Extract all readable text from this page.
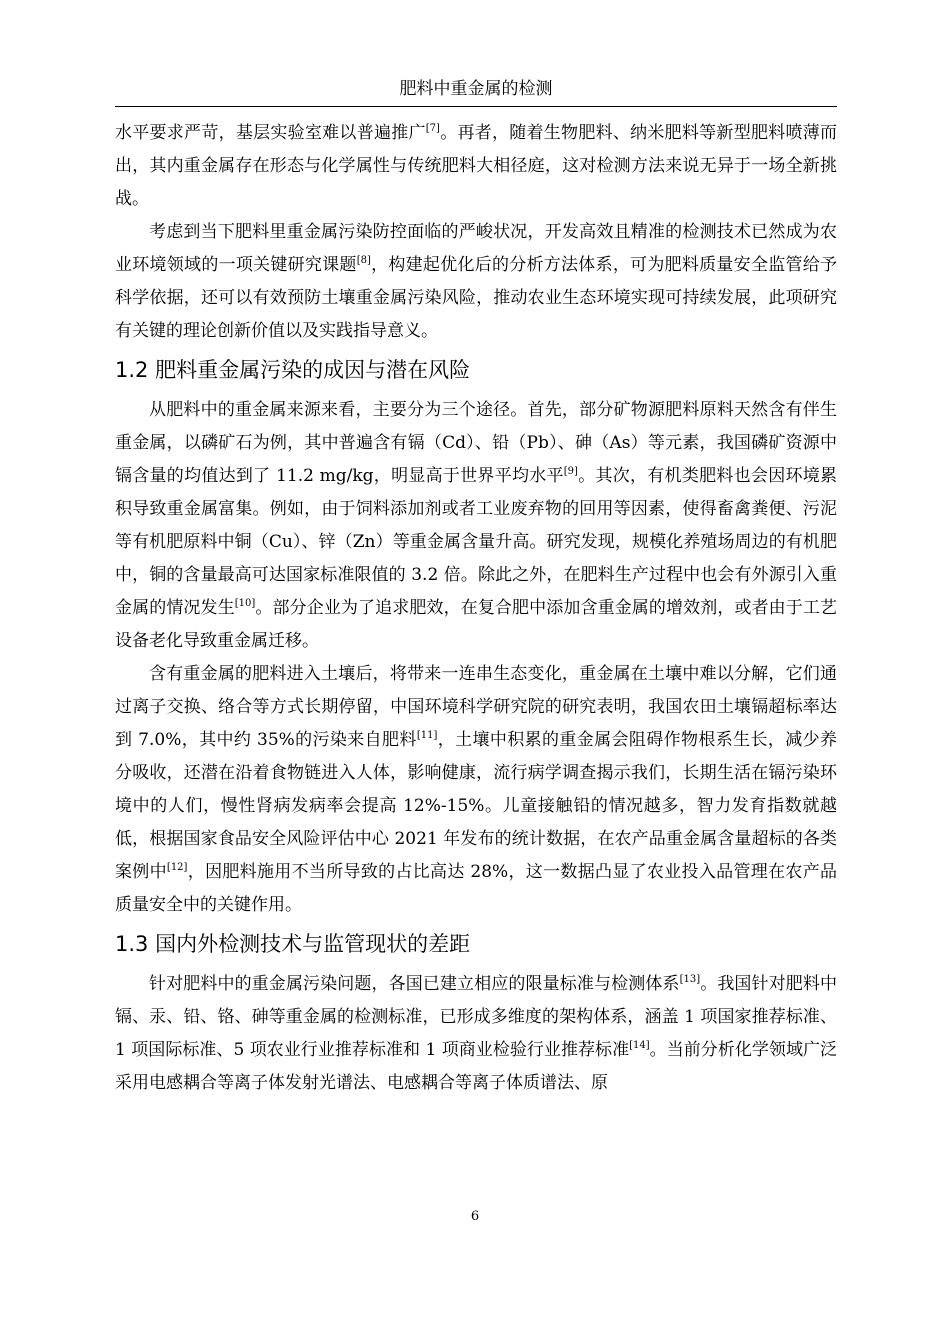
肥料中重金属的检测

水平要求严苛，基层实验室难以普遍推广[7]。再者，随着生物肥料、纳米肥料等新型肥料喷薄而出，其内重金属存在形态与化学属性与传统肥料大相径庭，这对检测方法来说无异于一场全新挑战。

考虑到当下肥料里重金属污染防控面临的严峻状况，开发高效且精准的检测技术已然成为农业环境领域的一项关键研究课题[8]，构建起优化后的分析方法体系，可为肥料质量安全监管给予科学依据，还可以有效预防土壤重金属污染风险，推动农业生态环境实现可持续发展，此项研究有关键的理论创新价值以及实践指导意义。

1.2 肥料重金属污染的成因与潜在风险

从肥料中的重金属来源来看，主要分为三个途径。首先，部分矿物源肥料原料天然含有伴生重金属，以磷矿石为例，其中普遍含有镉（Cd）、铅（Pb）、砷（As）等元素，我国磷矿资源中镉含量的均值达到了 11.2 mg/kg，明显高于世界平均水平[9]。其次，有机类肥料也会因环境累积导致重金属富集。例如，由于饲料添加剂或者工业废弃物的回用等因素，使得畜禽粪便、污泥等有机肥原料中铜（Cu）、锌（Zn）等重金属含量升高。研究发现，规模化养殖场周边的有机肥中，铜的含量最高可达国家标准限值的 3.2 倍。除此之外，在肥料生产过程中也会有外源引入重金属的情况发生[10]。部分企业为了追求肥效，在复合肥中添加含重金属的增效剂，或者由于工艺设备老化导致重金属迁移。

含有重金属的肥料进入土壤后，将带来一连串生态变化，重金属在土壤中难以分解，它们通过离子交换、络合等方式长期停留，中国环境科学研究院的研究表明，我国农田土壤镉超标率达到 7.0%，其中约 35%的污染来自肥料[11]，土壤中积累的重金属会阻碍作物根系生长，减少养分吸收，还潜在沿着食物链进入人体，影响健康，流行病学调查揭示我们，长期生活在镉污染环境中的人们，慢性肾病发病率会提高 12%-15%。儿童接触铅的情况越多，智力发育指数就越低，根据国家食品安全风险评估中心 2021 年发布的统计数据，在农产品重金属含量超标的各类案例中[12]，因肥料施用不当所导致的占比高达 28%，这一数据凸显了农业投入品管理在农产品质量安全中的关键作用。

1.3 国内外检测技术与监管现状的差距

针对肥料中的重金属污染问题，各国已建立相应的限量标准与检测体系[13]。我国针对肥料中镉、汞、铅、铬、砷等重金属的检测标准，已形成多维度的架构体系，涵盖 1 项国家推荐标准、1 项国际标准、5 项农业行业推荐标准和 1 项商业检验行业推荐标准[14]。当前分析化学领域广泛采用电感耦合等离子体发射光谱法、电感耦合等离子体质谱法、原

6
